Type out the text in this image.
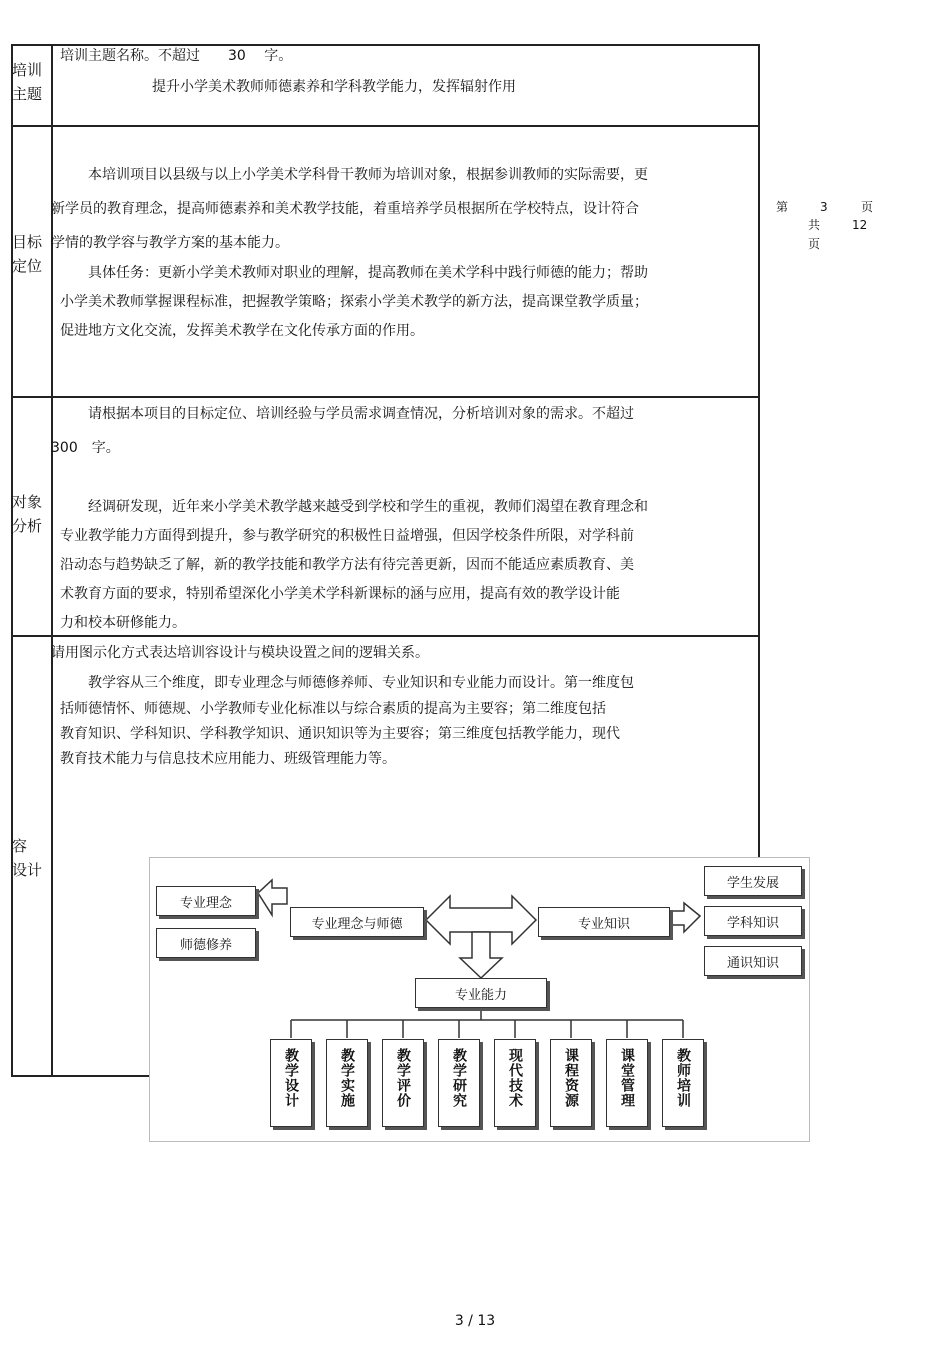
培训
主题
培训主题名称。不超过　　30　 字。
提升小学美术教师师德素养和学科教学能力，发挥辐射作用
目标
定位
　　本培训项目以县级与以上小学美术学科骨干教师为培训对象，根据参训教师的实际需要，更
新学员的教育理念，提高师德素养和美术教学技能，着重培养学员根据所在学校特点，设计符合
学情的教学容与教学方案的基本能力。
　　具体任务：更新小学美术教师对职业的理解，提高教师在美术学科中践行师德的能力；帮助
小学美术教师掌握课程标准，把握教学策略；探索小学美术教学的新方法，提高课堂教学质量；
促进地方文化交流，发挥美术教学在文化传承方面的作用。
对象
分析
　　请根据本项目的目标定位、培训经验与学员需求调查情况，分析培训对象的需求。不超过
300　字。
　　经调研发现，近年来小学美术教学越来越受到学校和学生的重视，教师们渴望在教育理念和
专业教学能力方面得到提升，参与教学研究的积极性日益增强，但因学校条件所限，对学科前
沿动态与趋势缺乏了解，新的教学技能和教学方法有待完善更新，因而不能适应素质教育、美
术教育方面的要求，特别希望深化小学美术学科新课标的涵与应用，提高有效的教学设计能
力和校本研修能力。
容
设计
请用图示化方式表达培训容设计与模块设置之间的逻辑关系。
　　教学容从三个维度，即专业理念与师德修养师、专业知识和专业能力而设计。第一维度包
括师德情怀、师德规、小学教师专业化标准以与综合素质的提高为主要容；第二维度包括
教育知识、学科知识、学科教学知识、通识知识等为主要容；第三维度包括教学能力，现代
教育技术能力与信息技术应用能力、班级管理能力等。
专业理念
师德修养
专业理念与师德	专业知识
学生发展
学科知识
通识知识
专业能力
教学设计	教学实施	教学评价	教学研究	现代技术	课程资源	课堂管理	教师培训
第	3	页
共	12
页
3 / 13
